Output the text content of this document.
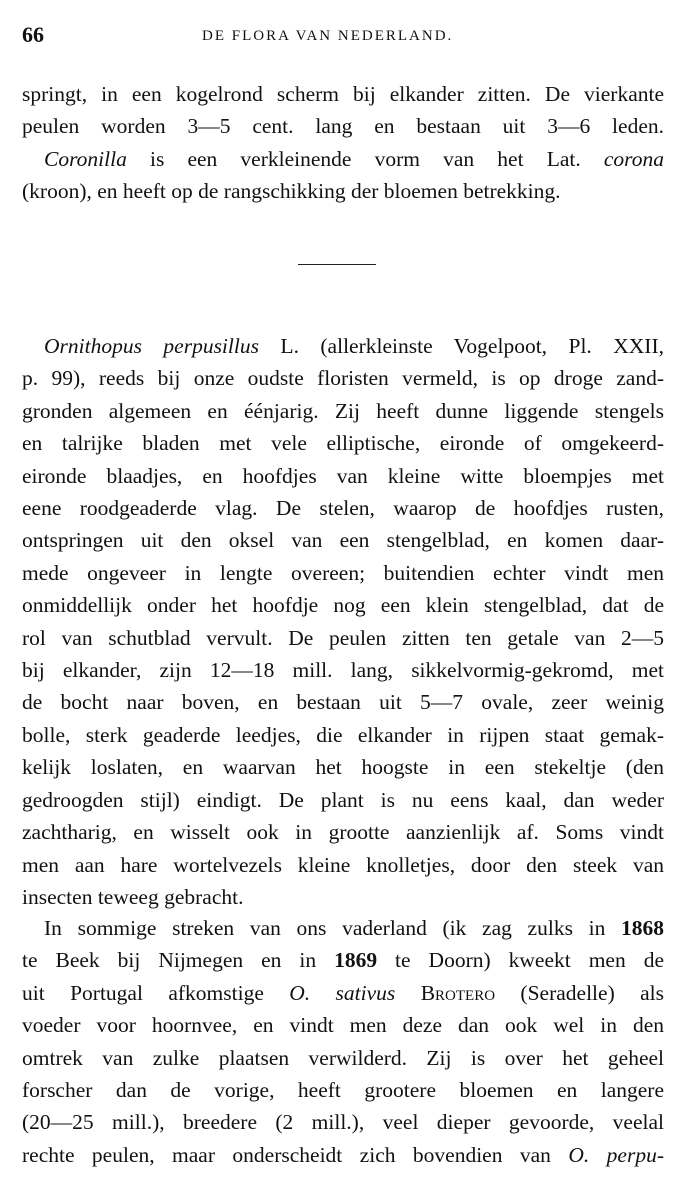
66	DE FLORA VAN NEDERLAND.
springt, in een kogelrond scherm bij elkander zitten. De vierkante
peulen worden 3—5 cent. lang en bestaan uit 3—6 leden.
Coronilla is een verkleinende vorm van het Lat. corona
(kroon), en heeft op de rangschikking der bloemen betrekking.
Ornithopus perpusillus L. (allerkleinste Vogelpoot, Pl. XXII,
p. 99), reeds bij onze oudste floristen vermeld, is op droge zand-
gronden algemeen en éénjarig. Zij heeft dunne liggende stengels
en talrijke bladen met vele elliptische, eironde of omgekeerd-
eironde blaadjes, en hoofdjes van kleine witte bloempjes met
eene roodgeaderde vlag. De stelen, waarop de hoofdjes rusten,
ontspringen uit den oksel van een stengelblad, en komen daar-
mede ongeveer in lengte overeen; buitendien echter vindt men
onmiddellijk onder het hoofdje nog een klein stengelblad, dat de
rol van schutblad vervult. De peulen zitten ten getale van 2—5
bij elkander, zijn 12—18 mill. lang, sikkelvormig-gekromd, met
de bocht naar boven, en bestaan uit 5—7 ovale, zeer weinig
bolle, sterk geaderde leedjes, die elkander in rijpen staat gemak-
kelijk loslaten, en waarvan het hoogste in een stekeltje (den
gedroogden stijl) eindigt. De plant is nu eens kaal, dan weder
zachtharig, en wisselt ook in grootte aanzienlijk af. Soms vindt
men aan hare wortelvezels kleine knolletjes, door den steek van
insecten teweeg gebracht.
In sommige streken van ons vaderland (ik zag zulks in 1868
te Beek bij Nijmegen en in 1869 te Doorn) kweekt men de
uit Portugal afkomstige O. sativus Brotero (Seradelle) als
voeder voor hoornvee, en vindt men deze dan ook wel in den
omtrek van zulke plaatsen verwilderd. Zij is over het geheel
forscher dan de vorige, heeft grootere bloemen en langere
(20—25 mill.), breedere (2 mill.), veel dieper gevoorde, veelal
rechte peulen, maar onderscheidt zich bovendien van O. perpu-
